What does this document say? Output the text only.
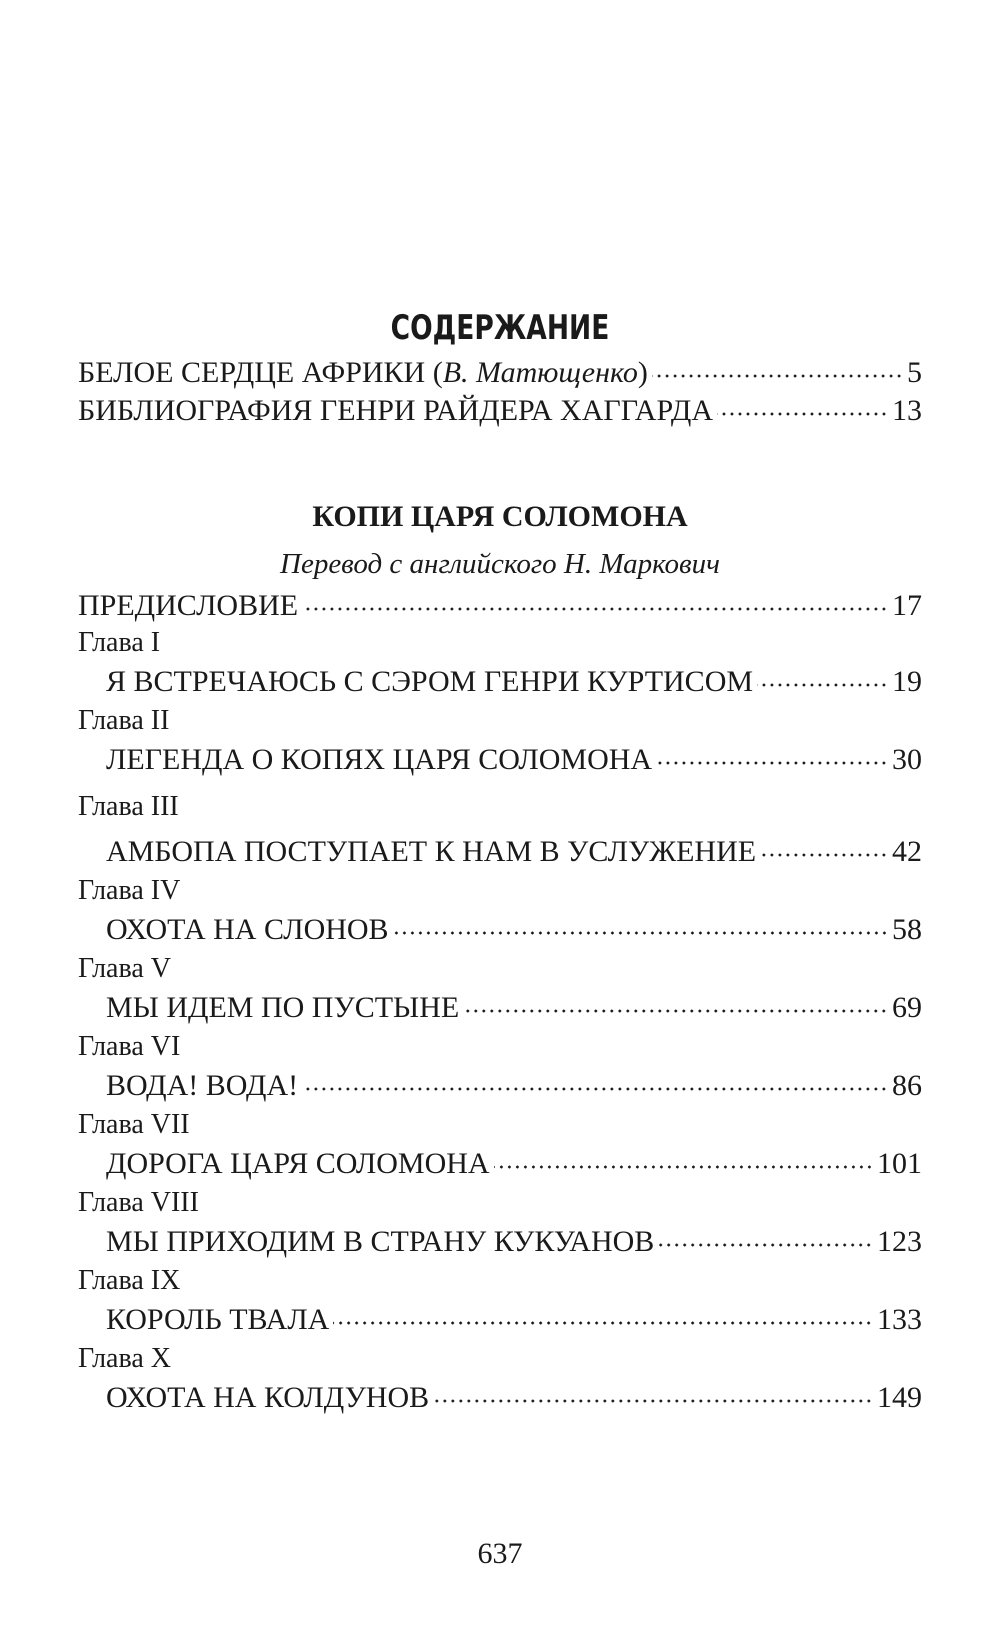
СОДЕРЖАНИЕ
БЕЛОЕ СЕРДЦЕ АФРИКИ (В. Матющенко)	5
БИБЛИОГРАФИЯ ГЕНРИ РАЙДЕРА ХАГГАРДА	13
КОПИ ЦАРЯ СОЛОМОНА
Перевод с английского Н. Маркович
ПРЕДИСЛОВИЕ	17
Глава I
Я ВСТРЕЧАЮСЬ С СЭРОМ ГЕНРИ КУРТИСОМ	19
Глава II
ЛЕГЕНДА О КОПЯХ ЦАРЯ СОЛОМОНА	30
Глава III
АМБОПА ПОСТУПАЕТ К НАМ В УСЛУЖЕНИЕ	42
Глава IV
ОХОТА НА СЛОНОВ	58
Глава V
МЫ ИДЕМ ПО ПУСТЫНЕ	69
Глава VI
ВОДА! ВОДА!	86
Глава VII
ДОРОГА ЦАРЯ СОЛОМОНА	101
Глава VIII
МЫ ПРИХОДИМ В СТРАНУ КУКУАНОВ	123
Глава IX
КОРОЛЬ ТВАЛА	133
Глава X
ОХОТА НА КОЛДУНОВ	149
637
